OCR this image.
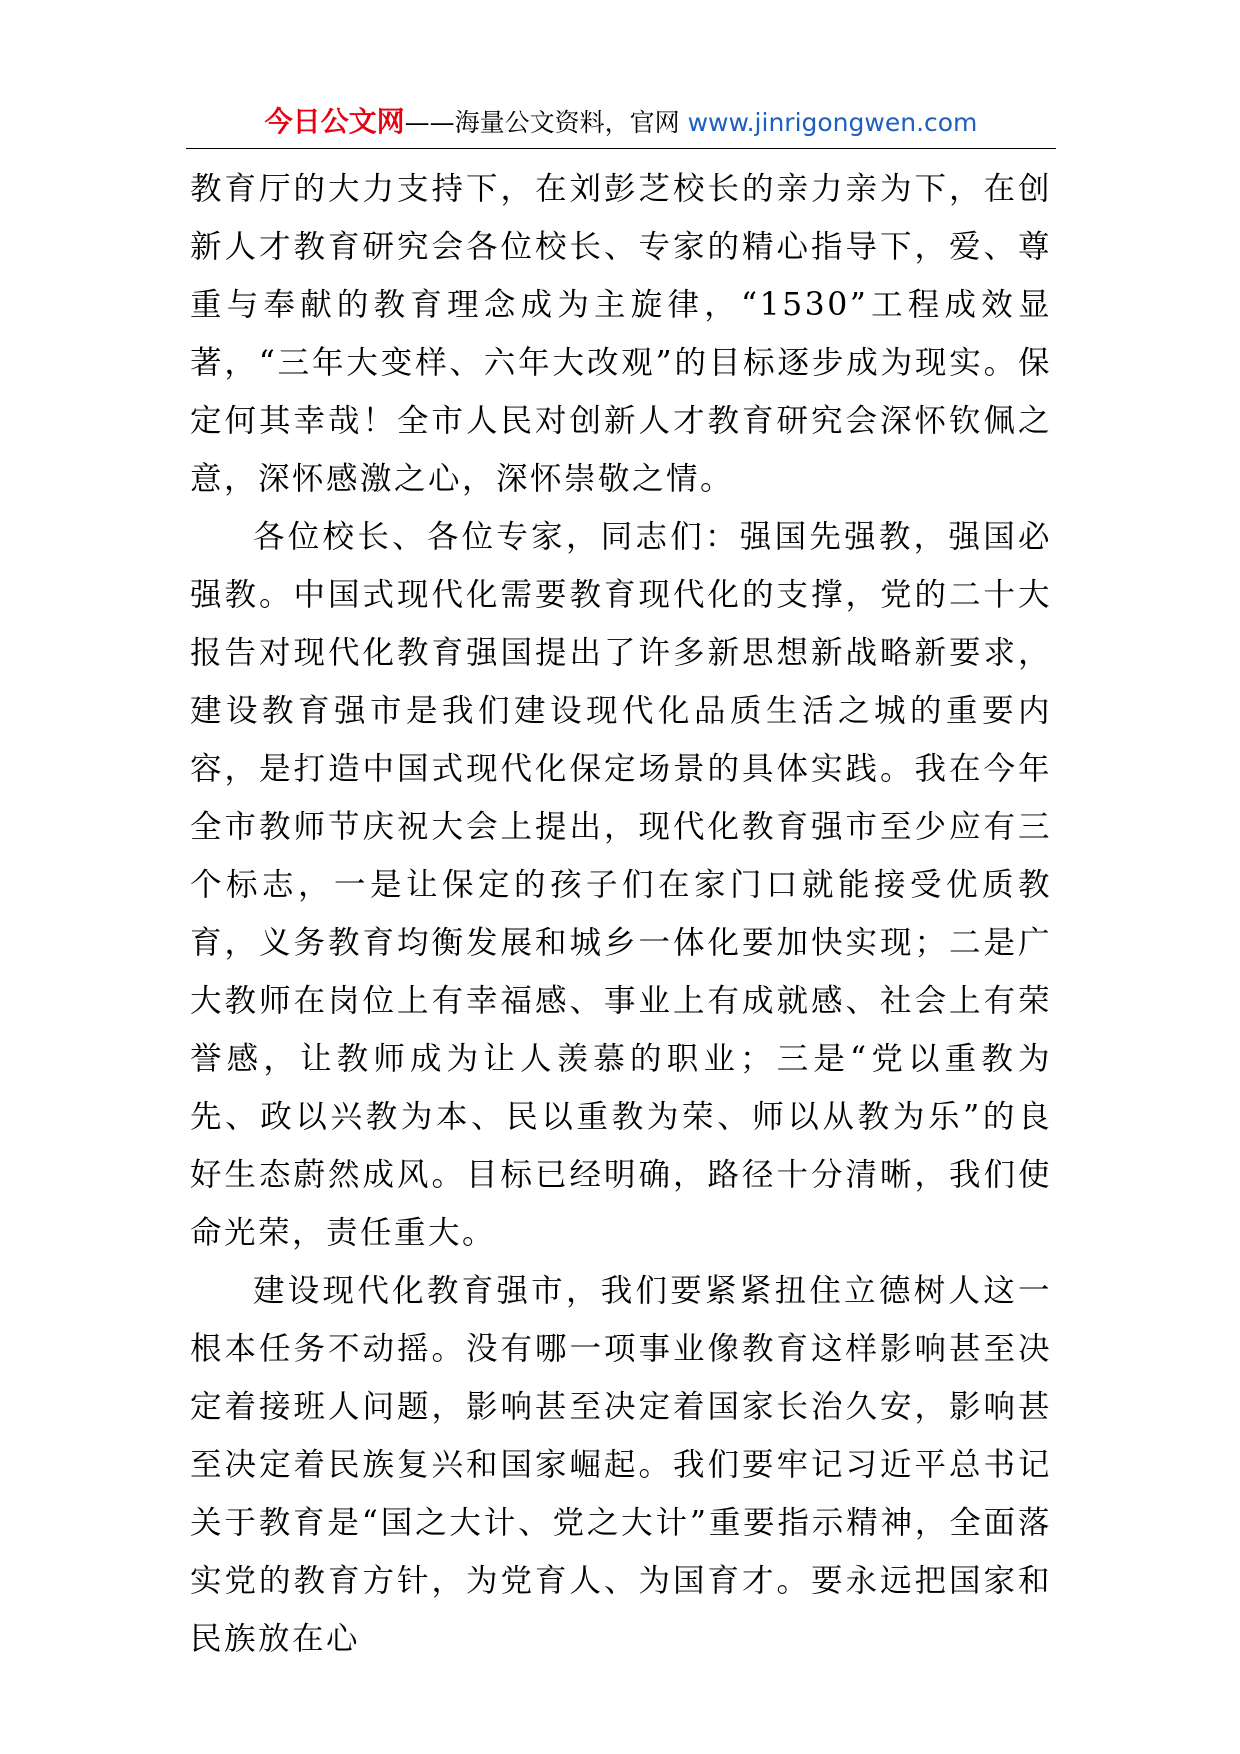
今日公文网——海量公文资料，官网 www.jinrigongwen.com

教育厅的大力支持下，在刘彭芝校长的亲力亲为下，在创新人才教育研究会各位校长、专家的精心指导下，爱、尊重与奉献的教育理念成为主旋律，“1530”工程成效显著，“三年大变样、六年大改观”的目标逐步成为现实。保定何其幸哉！全市人民对创新人才教育研究会深怀钦佩之意，深怀感激之心，深怀崇敬之情。

各位校长、各位专家，同志们：强国先强教，强国必强教。中国式现代化需要教育现代化的支撑，党的二十大报告对现代化教育强国提出了许多新思想新战略新要求，建设教育强市是我们建设现代化品质生活之城的重要内容，是打造中国式现代化保定场景的具体实践。我在今年全市教师节庆祝大会上提出，现代化教育强市至少应有三个标志，一是让保定的孩子们在家门口就能接受优质教育，义务教育均衡发展和城乡一体化要加快实现；二是广大教师在岗位上有幸福感、事业上有成就感、社会上有荣誉感，让教师成为让人羡慕的职业；三是“党以重教为先、政以兴教为本、民以重教为荣、师以从教为乐”的良好生态蔚然成风。目标已经明确，路径十分清晰，我们使命光荣，责任重大。

建设现代化教育强市，我们要紧紧扭住立德树人这一根本任务不动摇。没有哪一项事业像教育这样影响甚至决定着接班人问题，影响甚至决定着国家长治久安，影响甚至决定着民族复兴和国家崛起。我们要牢记习近平总书记关于教育是“国之大计、党之大计”重要指示精神，全面落实党的教育方针，为党育人、为国育才。要永远把国家和民族放在心
